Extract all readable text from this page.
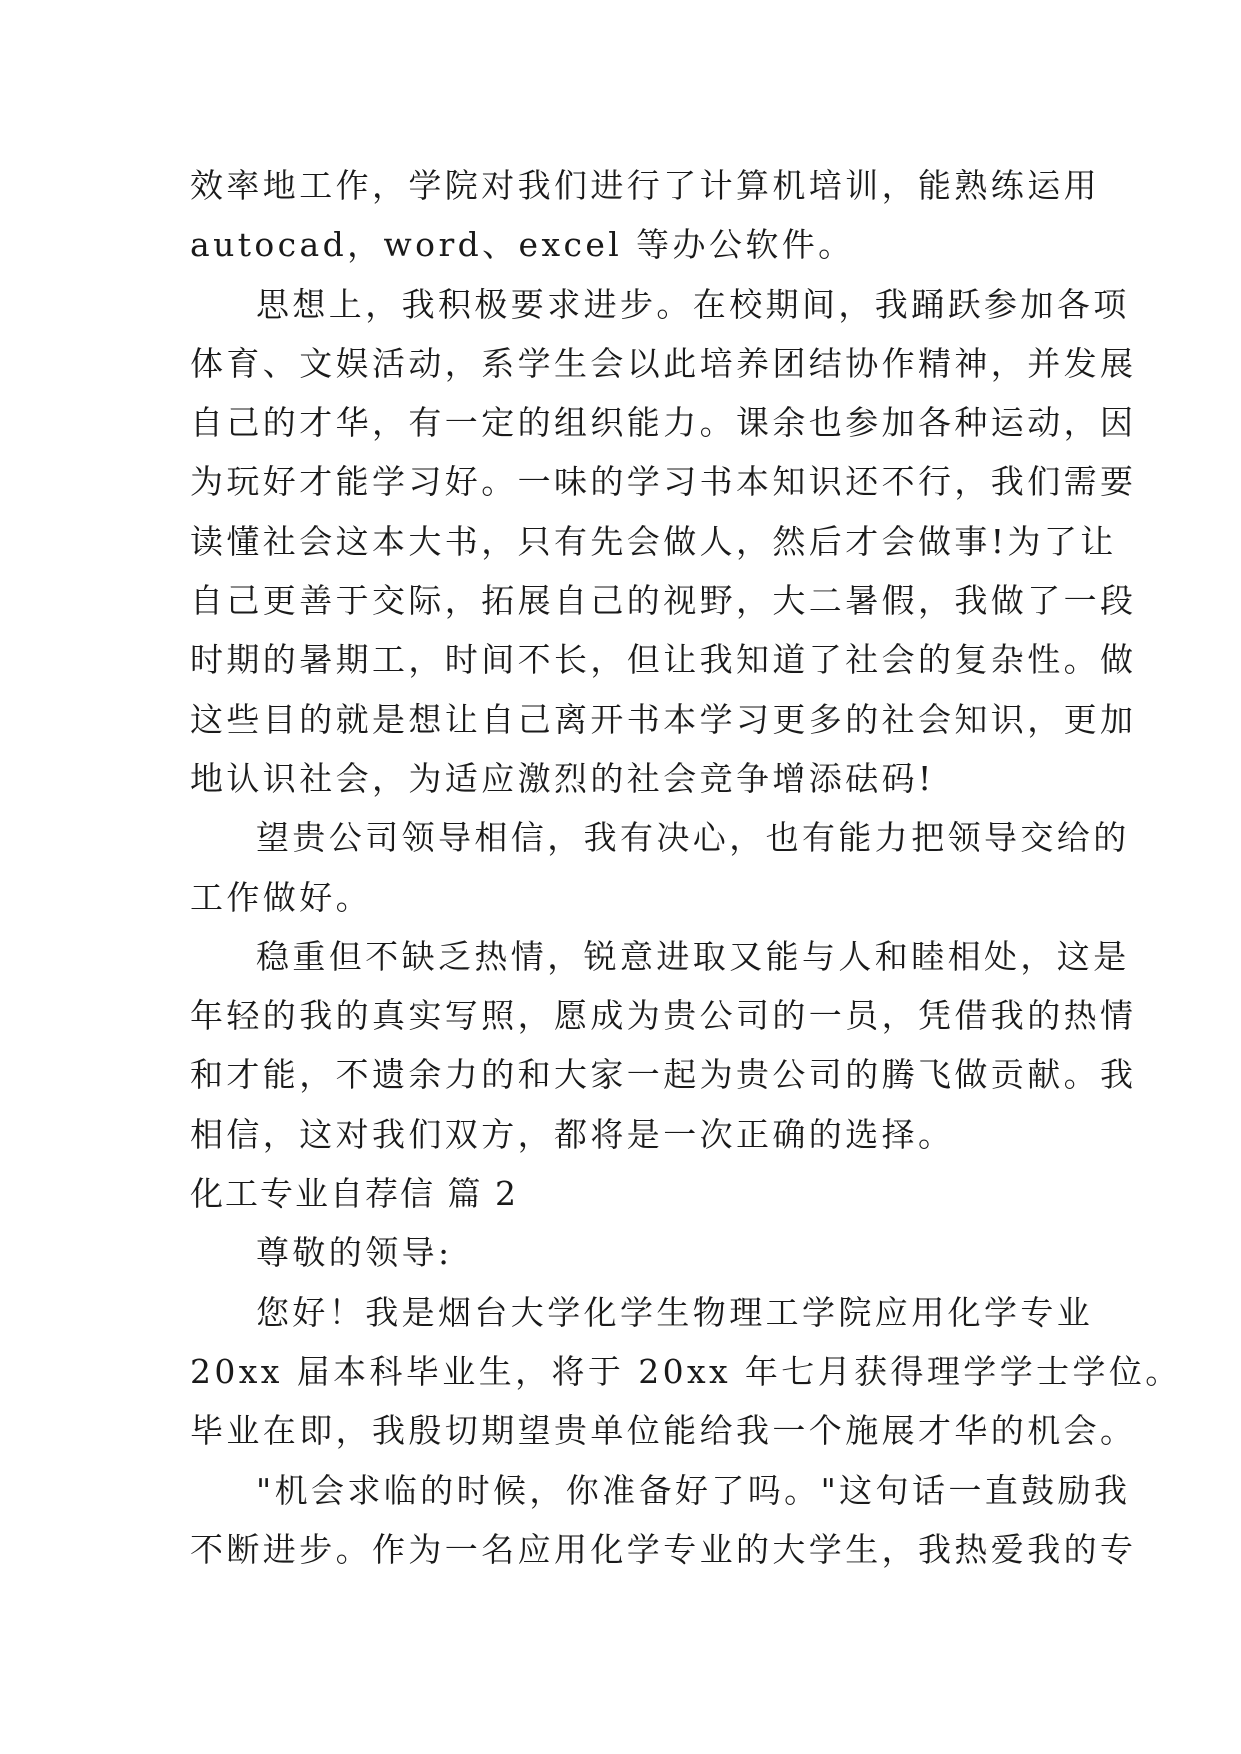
效率地工作，学院对我们进行了计算机培训，能熟练运用
autocad，word、excel 等办公软件。
思想上，我积极要求进步。在校期间，我踊跃参加各项
体育、文娱活动，系学生会以此培养团结协作精神，并发展
自己的才华，有一定的组织能力。课余也参加各种运动，因
为玩好才能学习好。一味的学习书本知识还不行，我们需要
读懂社会这本大书，只有先会做人，然后才会做事!为了让
自己更善于交际，拓展自己的视野，大二暑假，我做了一段
时期的暑期工，时间不长，但让我知道了社会的复杂性。做
这些目的就是想让自己离开书本学习更多的社会知识，更加
地认识社会，为适应激烈的社会竞争增添砝码!
望贵公司领导相信，我有决心，也有能力把领导交给的
工作做好。
稳重但不缺乏热情，锐意进取又能与人和睦相处，这是
年轻的我的真实写照，愿成为贵公司的一员，凭借我的热情
和才能，不遗余力的和大家一起为贵公司的腾飞做贡献。我
相信，这对我们双方，都将是一次正确的选择。
化工专业自荐信 篇 2
尊敬的领导:
您好！我是烟台大学化学生物理工学院应用化学专业
20xx 届本科毕业生，将于 20xx 年七月获得理学学士学位。
毕业在即，我殷切期望贵单位能给我一个施展才华的机会。
"机会求临的时候，你准备好了吗。"这句话一直鼓励我
不断进步。作为一名应用化学专业的大学生，我热爱我的专
